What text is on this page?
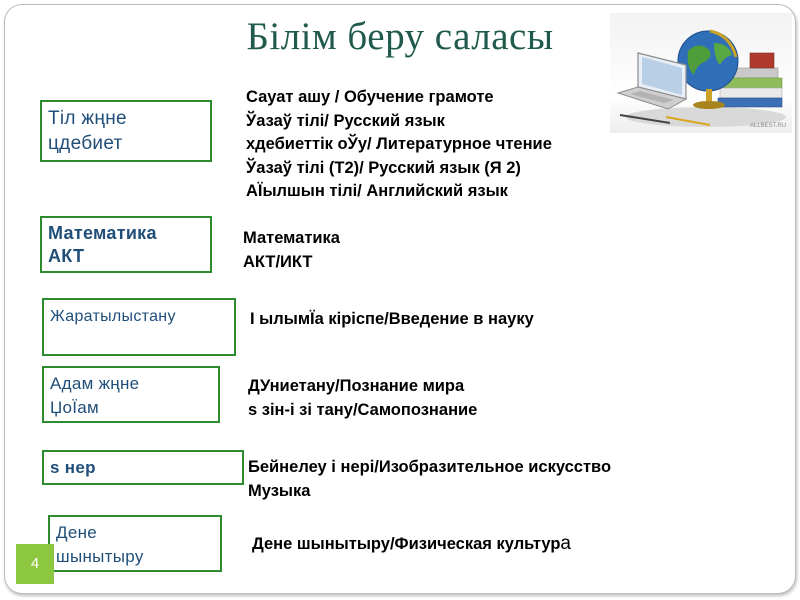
Білім беру саласы
ALLBEST.RU
Тіл жңне
цдебиет
Сауат ашу / Обучение грамоте
Ўазаў тілі/ Русский язык
хдебиеттік оЎу/ Литературное чтение
Ўазаў тілі (Т2)/ Русский язык (Я 2)
АЇылшын тілі/ Английский язык
Математика
АКТ
Математика
АКТ/ИКТ
Жаратылыстану	І ылымЇа кіріспе/Введение в науку
Адам жңне
ЏоЇам
ДУниетану/Познание мира
s зін-і зі тану/Самопознание
s нер	Бейнелеу і нері/Изобразительное искусство
Музыка
Дене
шынытыру
Дене шынытыру/Физическая культура
4
